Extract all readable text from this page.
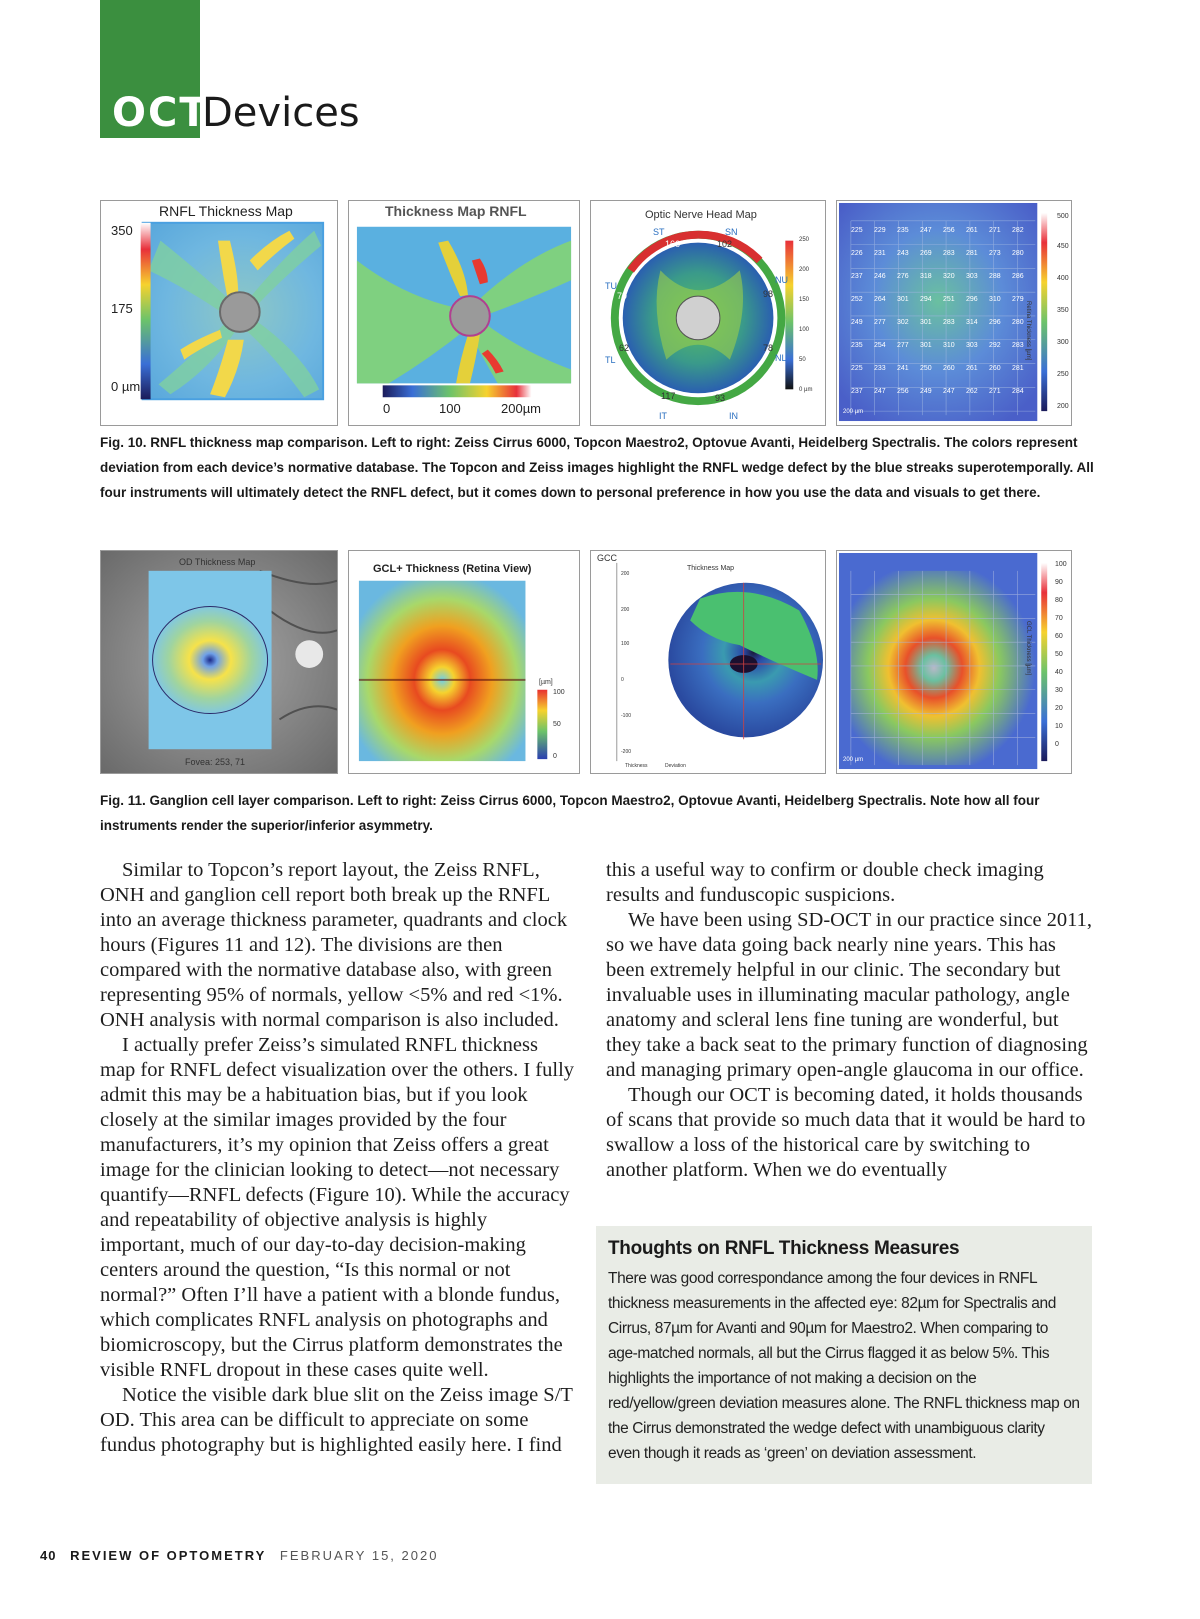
OCT
Devices
RNFL Thickness Map
350
175
0 µm
Thickness Map RNFL
0	100	200µm
Optic Nerve Head Map
ST	SN
TU
NU
TL	NL
IT	IN
166	102
79	98
62	78
117	93
250
200
150
100
50
0 µm
500
450
400
350
300
250
200
Retina Thickness [µm]
200 µm
225 229 235 247 256 261 271 282
226 231 243 269 283 281 273 280
237 246 276 318 320 303 288 286
252 264 301 294 251 296 310 279
249 277 302 301 283 314 296 280
235 254 277 301 310 303 292 283
225 233 241 250 260 261 260 281
237 247 256 249 247 262 271 284
Fig. 10. RNFL thickness map comparison. Left to right: Zeiss Cirrus 6000, Topcon Maestro2, Optovue Avanti, Heidelberg Spectralis. The colors represent deviation from each device’s normative database. The Topcon and Zeiss images highlight the RNFL wedge defect by the blue streaks superotemporally. All four instruments will ultimately detect the RNFL defect, but it comes down to personal preference in how you use the data and visuals to get there.
OD Thickness Map
Fovea: 253, 71
GCL+ Thickness (Retina View)
[µm]
100
50
0
GCC
Thickness Map
200
200
100
0
-100
-200
Thickness	Deviation
100
90
80
70
60
50
40
30
20
10
0
GCL Thickness [µm]
200 µm
Fig. 11. Ganglion cell layer comparison. Left to right: Zeiss Cirrus 6000, Topcon Maestro2, Optovue Avanti, Heidelberg Spectralis. Note how all four instruments render the superior/inferior asymmetry.

Similar to Topcon’s report layout, the Zeiss RNFL, ONH and ganglion cell report both break up the RNFL into an average thickness parameter, quadrants and clock hours (Figures 11 and 12). The divisions are then compared with the normative database also, with green representing 95% of normals, yellow <5% and red <1%. ONH analysis with normal comparison is also included.

I actually prefer Zeiss’s simulated RNFL thickness map for RNFL defect visualization over the others. I fully admit this may be a habituation bias, but if you look closely at the similar images provided by the four manufacturers, it’s my opinion that Zeiss offers a great image for the clinician looking to detect—not necessary quantify—RNFL defects (Figure 10). While the accuracy and repeatability of objective analysis is highly important, much of our day-to-day decision-making centers around the question, “Is this normal or not normal?” Often I’ll have a patient with a blonde fundus, which complicates RNFL analysis on photographs and biomicroscopy, but the Cirrus platform demonstrates the visible RNFL dropout in these cases quite well.

Notice the visible dark blue slit on the Zeiss image S/T OD. This area can be difficult to appreciate on some fundus photography but is highlighted easily here. I find

this a useful way to confirm or double check imaging results and funduscopic suspicions.

We have been using SD-OCT in our practice since 2011, so we have data going back nearly nine years. This has been extremely helpful in our clinic. The secondary but invaluable uses in illuminating macular pathology, angle anatomy and scleral lens fine tuning are wonderful, but they take a back seat to the primary function of diagnosing and managing primary open-angle glaucoma in our office.

Though our OCT is becoming dated, it holds thousands of scans that provide so much data that it would be hard to swallow a loss of the historical care by switching to another platform. When we do eventually

Thoughts on RNFL Thickness Measures
There was good correspondance among the four devices in RNFL thickness measurements in the affected eye: 82µm for Spectralis and Cirrus, 87µm for Avanti and 90µm for Maestro2. When comparing to age-matched normals, all but the Cirrus flagged it as below 5%. This highlights the importance of not making a decision on the red/yellow/green deviation measures alone. The RNFL thickness map on the Cirrus demonstrated the wedge defect with unambiguous clarity even though it reads as ‘green’ on deviation assessment.
40 REVIEW OF OPTOMETRY FEBRUARY 15, 2020
